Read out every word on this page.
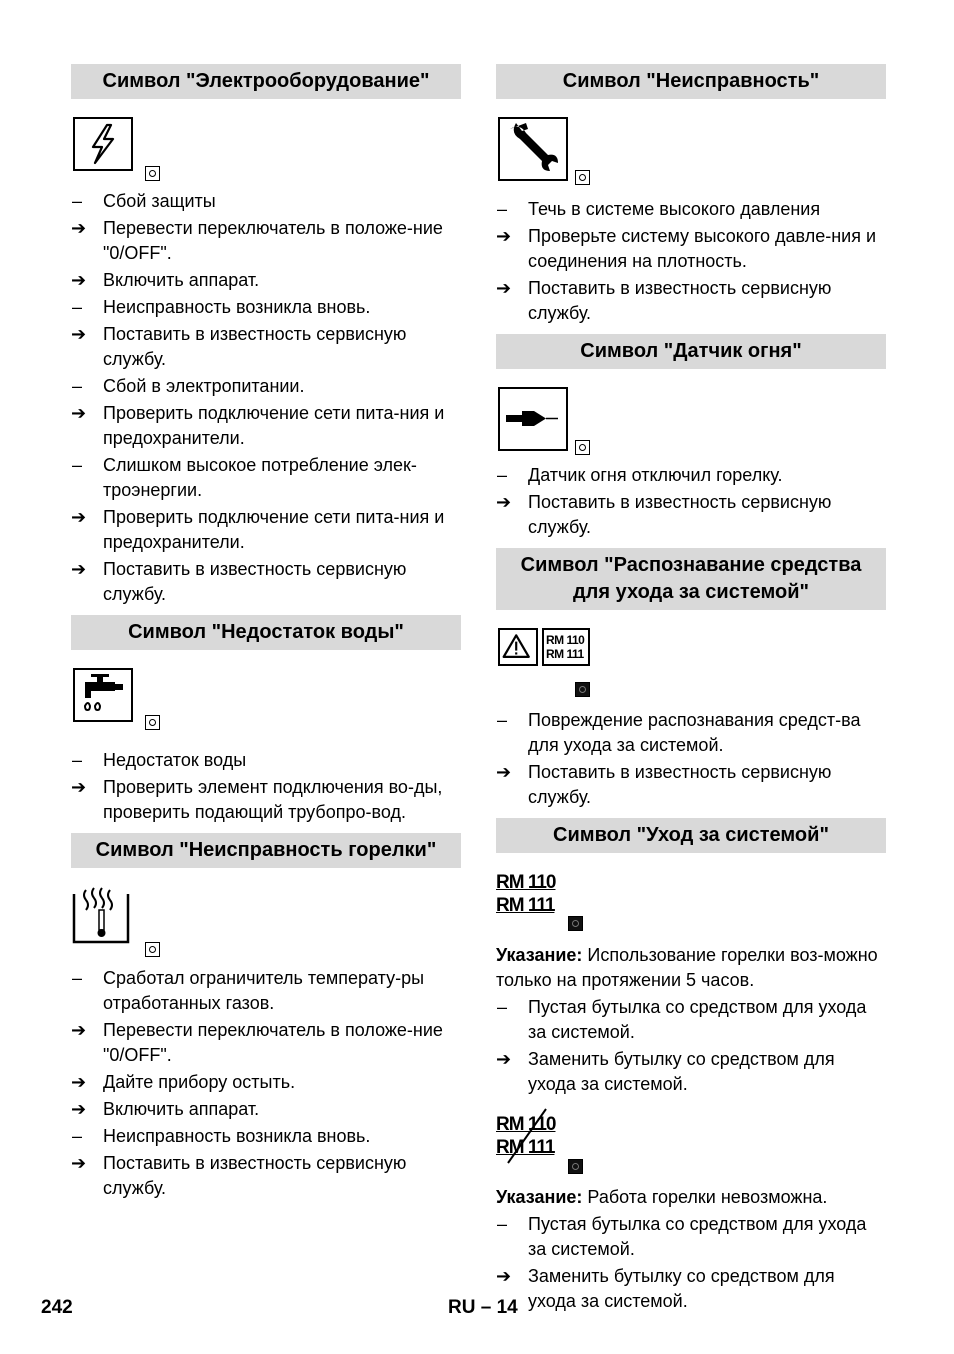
Символ "Электрооборудование"
–	Сбой защиты
➔ Перевести переключатель в положе-ние "0/OFF".
➔ Включить аппарат.
–	Неисправность возникла вновь.
➔ Поставить в известность сервисную службу.
–	Сбой в электропитании.
➔ Проверить подключение сети пита-ния и предохранители.
–	Слишком высокое потребление элек-троэнергии.
➔ Проверить подключение сети пита-ния и предохранители.
➔ Поставить в известность сервисную службу.
Символ "Недостаток воды"
–	Недостаток воды
➔ Проверить элемент подключения во-ды, проверить подающий трубопро-вод.
Символ "Неисправность горелки"
–	Сработал ограничитель температу-ры отработанных газов.
➔ Перевести переключатель в положе-ние "0/OFF".
➔ Дайте прибору остыть.
➔ Включить аппарат.
–	Неисправность возникла вновь.
➔ Поставить в известность сервисную службу.
Символ "Неисправность"
–	Течь в системе высокого давления
➔ Проверьте систему высокого давле-ния и соединения на плотность.
➔ Поставить в известность сервисную службу.
Символ "Датчик огня"
–	Датчик огня отключил горелку.
➔ Поставить в известность сервисную службу.
Символ "Распознавание средства для ухода за системой"
RM 110
RM 111
–	Повреждение распознавания средст-ва для ухода за системой.
➔ Поставить в известность сервисную службу.
Символ "Уход за системой"
RM 110
RM 111

Указание: Использование горелки воз-можно только на протяжении 5 часов.

–	Пустая бутылка со средством для ухода за системой.
➔ Заменить бутылку со средством для ухода за системой.
RM 110
RM 111

Указание: Работа горелки невозможна.

–	Пустая бутылка со средством для ухода за системой.
➔ Заменить бутылку со средством для ухода за системой.
242	RU – 14
